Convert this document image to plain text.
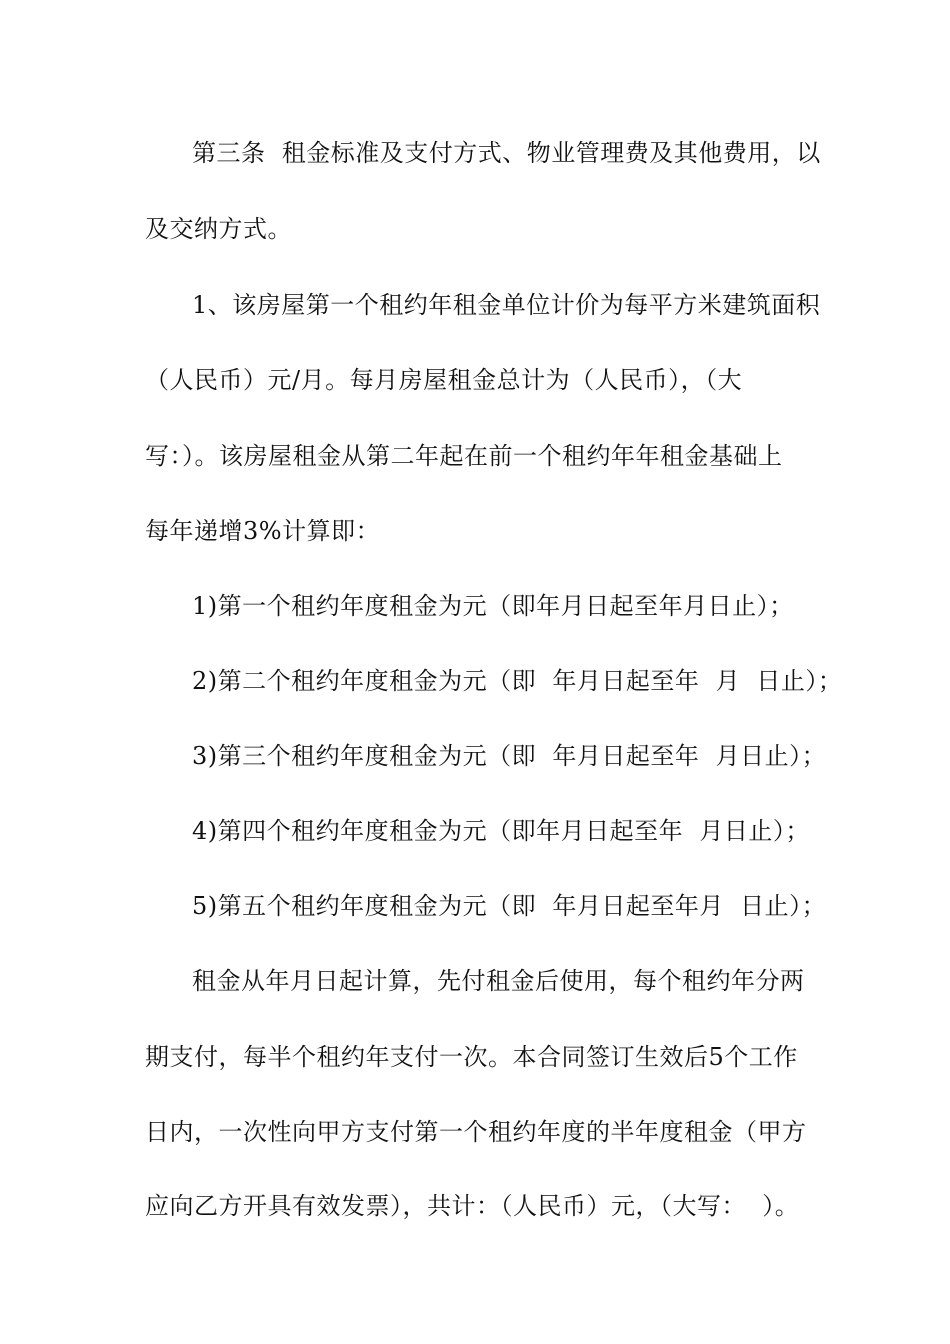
第三条  租金标准及支付方式、物业管理费及其他费用，以
及交纳方式。
1、该房屋第一个租约年租金单位计价为每平方米建筑面积
（人民币）元/月。每月房屋租金总计为（人民币），（大
写：）。该房屋租金从第二年起在前一个租约年年租金基础上
每年递增3%计算即：
1)第一个租约年度租金为元（即年月日起至年月日止）；
2)第二个租约年度租金为元（即  年月日起至年  月  日止）；
3)第三个租约年度租金为元（即  年月日起至年  月日止）；
4)第四个租约年度租金为元（即年月日起至年  月日止）；
5)第五个租约年度租金为元（即  年月日起至年月  日止）；
租金从年月日起计算，先付租金后使用，每个租约年分两
期支付，每半个租约年支付一次。本合同签订生效后5个工作
日内，一次性向甲方支付第一个租约年度的半年度租金（甲方
应向乙方开具有效发票），共计：（人民币）元，（大写：  ）。
